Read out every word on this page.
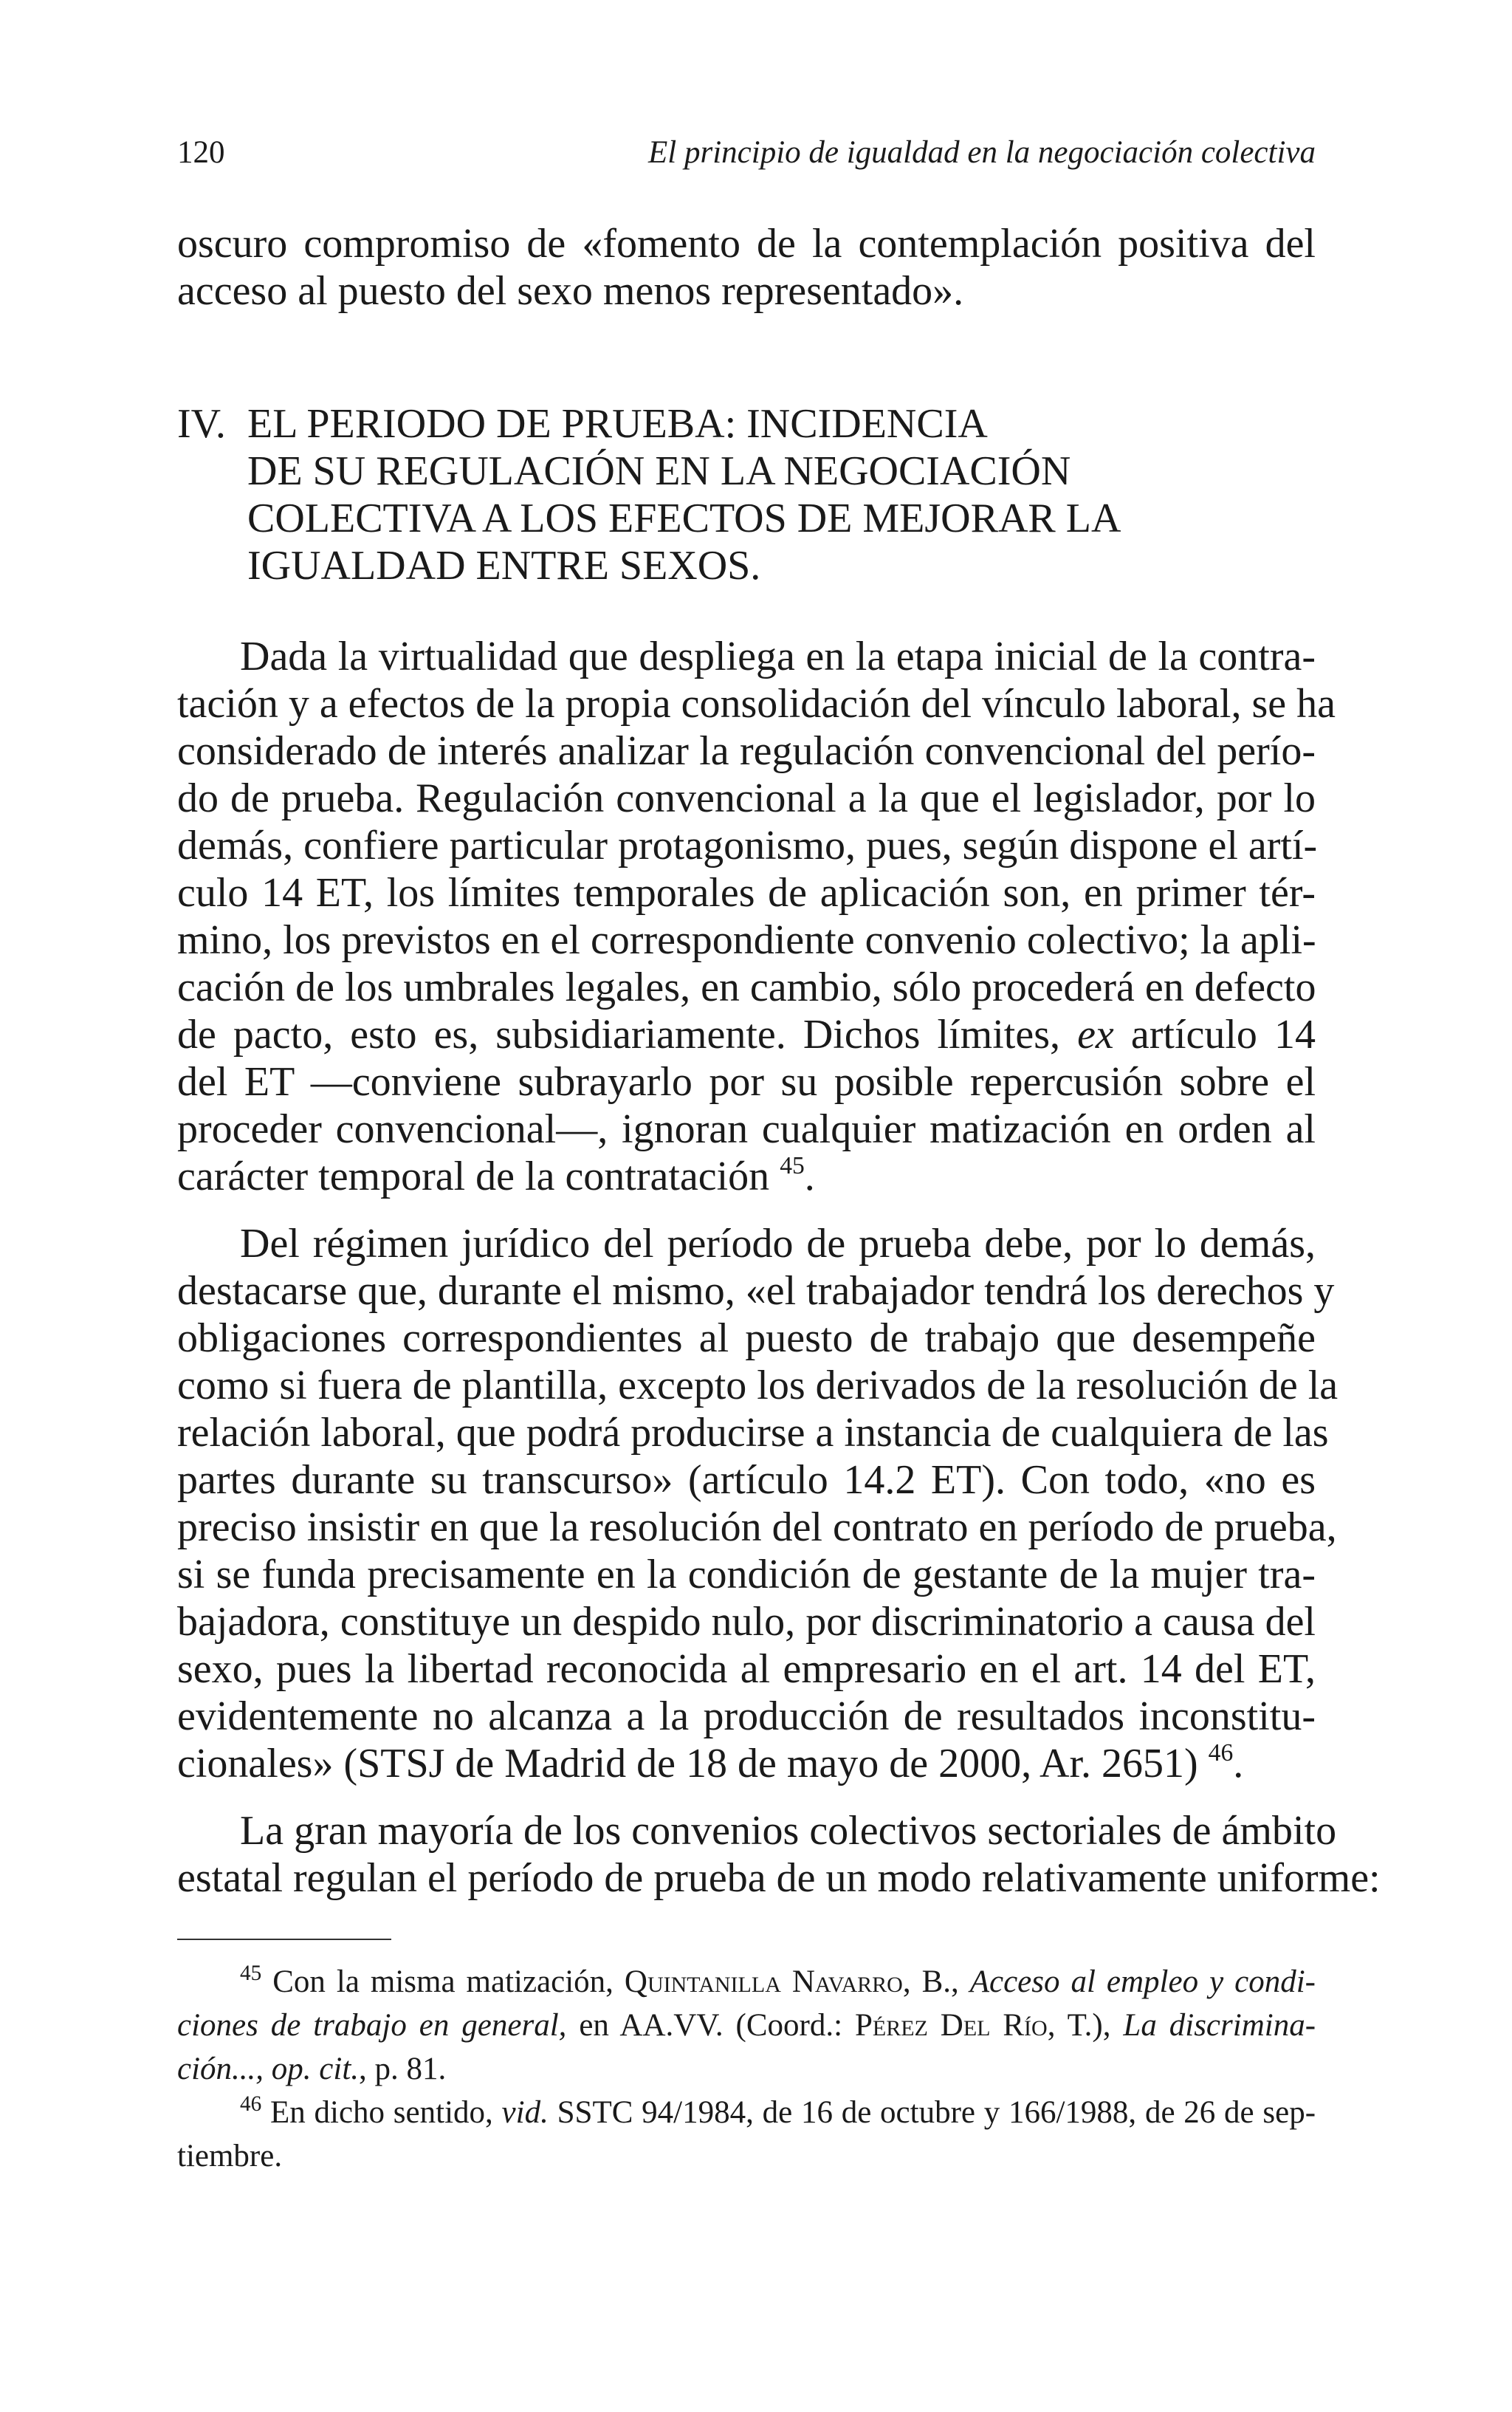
120	El principio de igualdad en la negociación colectiva
oscuro compromiso de «fomento de la contemplación positiva del
acceso al puesto del sexo menos representado».
IV. EL PERIODO DE PRUEBA: INCIDENCIA
DE SU REGULACIÓN EN LA NEGOCIACIÓN
COLECTIVA A LOS EFECTOS DE MEJORAR LA
IGUALDAD ENTRE SEXOS.
Dada la virtualidad que despliega en la etapa inicial de la contra-
tación y a efectos de la propia consolidación del vínculo laboral, se ha
considerado de interés analizar la regulación convencional del perío-
do de prueba. Regulación convencional a la que el legislador, por lo
demás, confiere particular protagonismo, pues, según dispone el artí-
culo 14 ET, los límites temporales de aplicación son, en primer tér-
mino, los previstos en el correspondiente convenio colectivo; la apli-
cación de los umbrales legales, en cambio, sólo procederá en defecto
de pacto, esto es, subsidiariamente. Dichos límites, ex artículo 14
del ET —conviene subrayarlo por su posible repercusión sobre el
proceder convencional—, ignoran cualquier matización en orden al
carácter temporal de la contratación $^{45}$.
Del régimen jurídico del período de prueba debe, por lo demás,
destacarse que, durante el mismo, «el trabajador tendrá los derechos y
obligaciones correspondientes al puesto de trabajo que desempeñe
como si fuera de plantilla, excepto los derivados de la resolución de la
relación laboral, que podrá producirse a instancia de cualquiera de las
partes durante su transcurso» (artículo 14.2 ET). Con todo, «no es
preciso insistir en que la resolución del contrato en período de prueba,
si se funda precisamente en la condición de gestante de la mujer tra-
bajadora, constituye un despido nulo, por discriminatorio a causa del
sexo, pues la libertad reconocida al empresario en el art. 14 del ET,
evidentemente no alcanza a la producción de resultados inconstitu-
cionales» (STSJ de Madrid de 18 de mayo de 2000, Ar. 2651) $^{46}$.
La gran mayoría de los convenios colectivos sectoriales de ámbito
estatal regulan el período de prueba de un modo relativamente uniforme:
$^{45}$ Con la misma matización, Quintanilla Navarro, B., Acceso al empleo y condi-
ciones de trabajo en general, en AA.VV. (Coord.: Pérez Del Río, T.), La discrimina-
ción..., op. cit., p. 81.
$^{46}$ En dicho sentido, vid. SSTC 94/1984, de 16 de octubre y 166/1988, de 26 de sep-
tiembre.
